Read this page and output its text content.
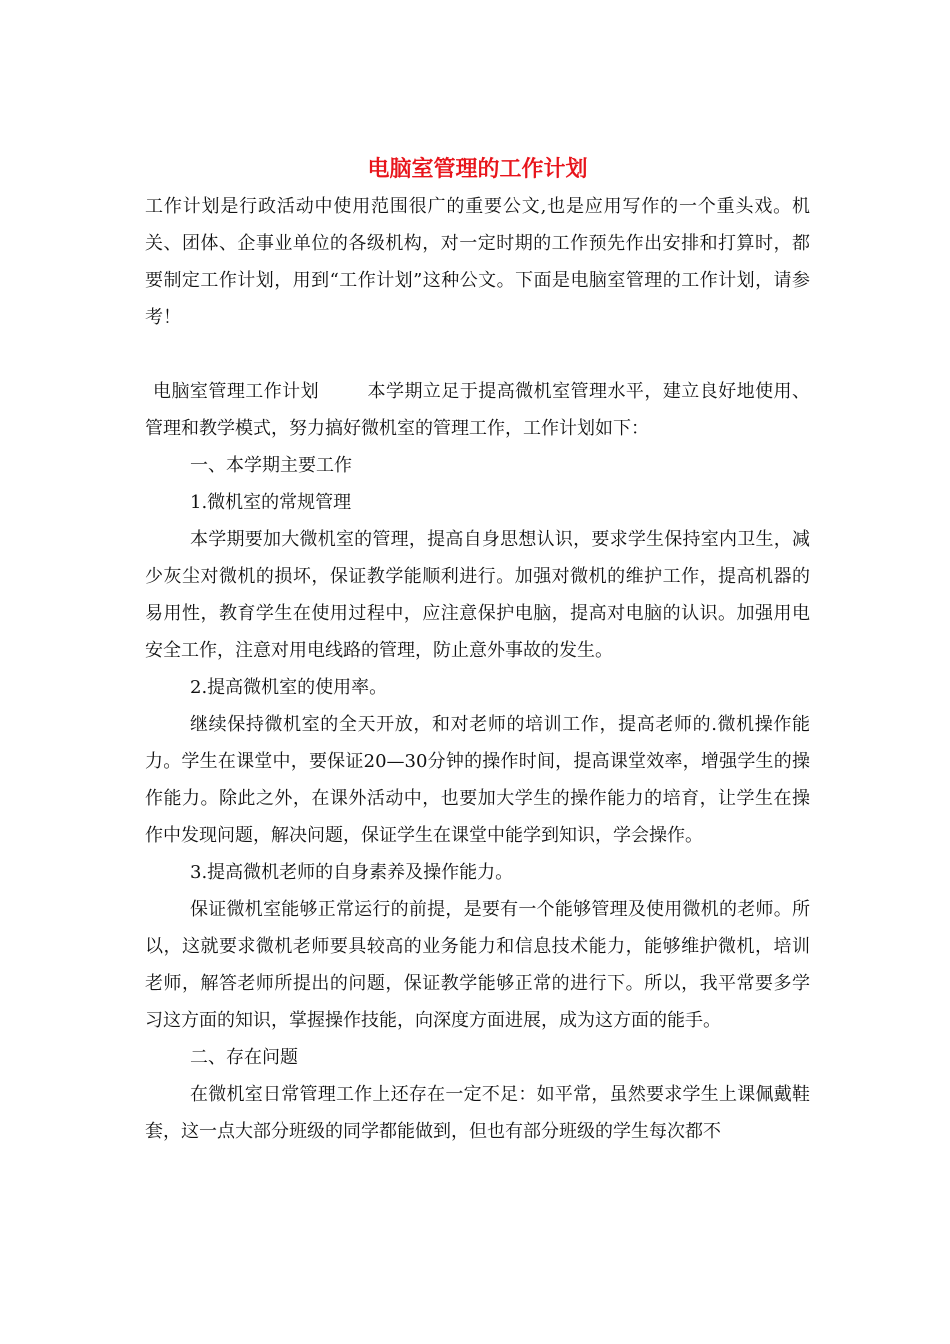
电脑室管理的工作计划

工作计划是行政活动中使用范围很广的重要公文,也是应用写作的一个重头戏。机关、团体、企事业单位的各级机构，对一定时期的工作预先作出安排和打算时，都要制定工作计划，用到“工作计划”这种公文。下面是电脑室管理的工作计划，请参考！

电脑室管理工作计划	本学期立足于提高微机室管理水平，建立良好地使用、管理和教学模式，努力搞好微机室的管理工作，工作计划如下：

一、本学期主要工作

1.微机室的常规管理

本学期要加大微机室的管理，提高自身思想认识，要求学生保持室内卫生，减少灰尘对微机的损坏，保证教学能顺利进行。加强对微机的维护工作，提高机器的易用性，教育学生在使用过程中，应注意保护电脑，提高对电脑的认识。加强用电安全工作，注意对用电线路的管理，防止意外事故的发生。

2.提高微机室的使用率。

继续保持微机室的全天开放，和对老师的培训工作，提高老师的.微机操作能力。学生在课堂中，要保证20—30分钟的操作时间，提高课堂效率，增强学生的操作能力。除此之外，在课外活动中，也要加大学生的操作能力的培育，让学生在操作中发现问题，解决问题，保证学生在课堂中能学到知识，学会操作。

3.提高微机老师的自身素养及操作能力。

保证微机室能够正常运行的前提，是要有一个能够管理及使用微机的老师。所以，这就要求微机老师要具较高的业务能力和信息技术能力，能够维护微机，培训老师，解答老师所提出的问题，保证教学能够正常的进行下。所以，我平常要多学习这方面的知识，掌握操作技能，向深度方面进展，成为这方面的能手。

二、存在问题

在微机室日常管理工作上还存在一定不足：如平常，虽然要求学生上课佩戴鞋套，这一点大部分班级的同学都能做到，但也有部分班级的学生每次都不
